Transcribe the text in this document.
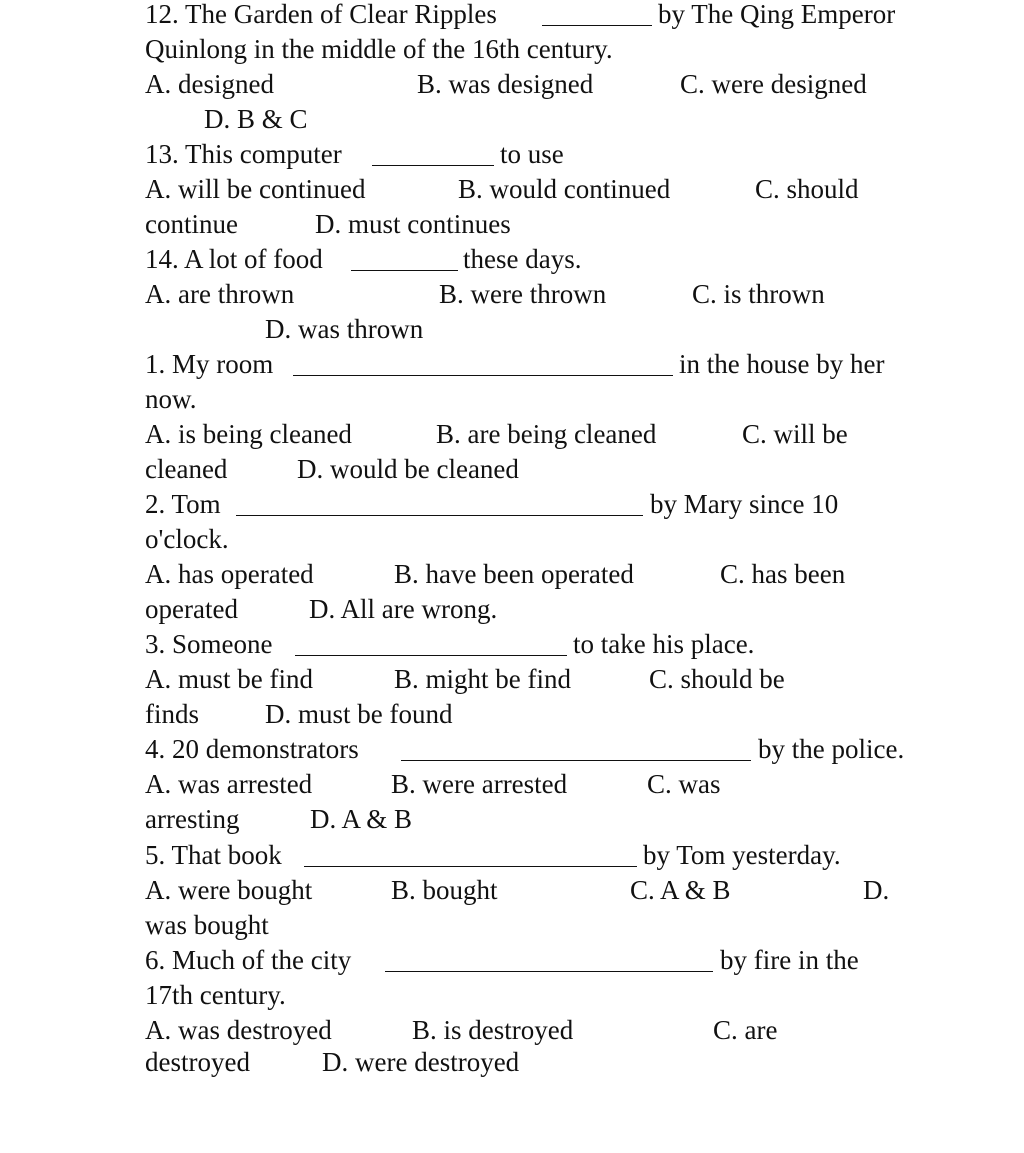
12. The Garden of Clear Ripples

	by The Qing Emperor

Quinlong in the middle of the 16th century.

A. designed

	B. was designed

	C. were designed

D. B & C

13. This computer

	to use

A. will be continued

	B. would continued

	C. should

continue

	D. must continues

14. A lot of food

	these days.

A. are thrown

	B. were thrown

	C. is thrown

D. was thrown

1. My room

	in the house by her

now.

A. is being cleaned

	B. are being cleaned

	C. will be

cleaned

	D. would be cleaned

2. Tom

	by Mary since 10

o'clock.

A. has operated

	B. have been operated

	C. has been

operated

	D. All are wrong.

3. Someone

	to take his place.

A. must be find

	B. might be find

	C. should be

finds

D. must be found

4. 20 demonstrators

	by the police.

A. was arrested

	B. were arrested

	C. was

arresting

	D. A & B

5. That book

	by Tom yesterday.

A. were bought

	B. bought

	C. A & B

	D.

was bought

6. Much of the city

	by fire in the

17th century.

A. was destroyed

	B. is destroyed

	C. are

destroyed

	D. were destroyed
